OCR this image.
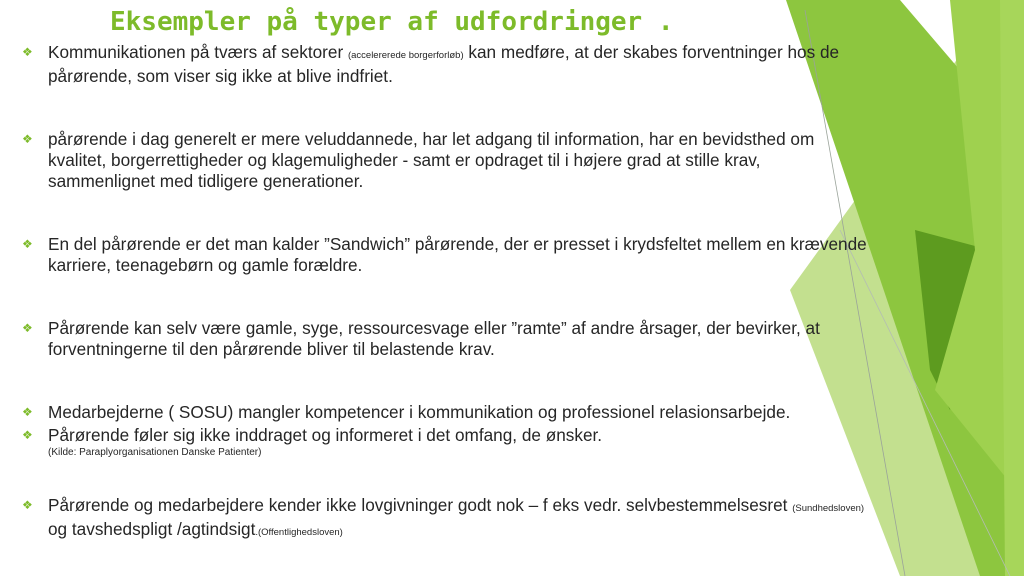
Eksempler på typer af udfordringer .
❖ Kommunikationen på tværs af sektorer (accelererede borgerforløb) kan medføre, at der skabes forventninger hos de pårørende, som viser sig ikke at blive indfriet.
❖ pårørende i dag generelt er mere veluddannede, har let adgang til information, har en bevidsthed om kvalitet, borgerrettigheder og klagemuligheder - samt er opdraget til i højere grad at stille krav, sammenlignet med tidligere generationer.
❖ En del pårørende er det man kalder ”Sandwich” pårørende, der er presset i krydsfeltet mellem en krævende karriere, teenagebørn og gamle forældre.
❖ Pårørende kan selv være gamle, syge, ressourcesvage eller ”ramte” af andre årsager, der bevirker, at forventningerne til den pårørende bliver til belastende krav.
❖ Medarbejderne ( SOSU) mangler kompetencer i kommunikation og professionel relasionsarbejde.
❖ Pårørende føler sig ikke inddraget og informeret i det omfang, de ønsker.
(Kilde: Paraplyorganisationen Danske Patienter)
❖ Pårørende og medarbejdere kender ikke lovgivninger godt nok – f eks vedr. selvbestemmelsesret (Sundhedsloven) og tavshedspligt /agtindsigt.(Offentlighedsloven)
